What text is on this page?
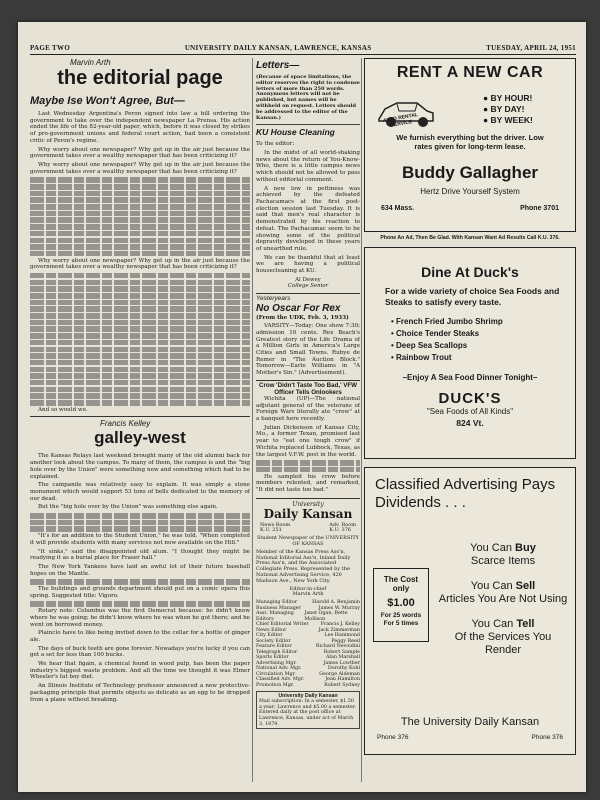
PAGE TWO	UNIVERSITY DAILY KANSAN, LAWRENCE, KANSAS	TUESDAY, APRIL 24, 1951
Marvin Arth
the editorial page
Maybe Ise Won't Agree, But—

Last Wednesday Argentina's Peron signed into law a bill ordering the government to take over the independent newspaper La Prensa. His action ended the life of the 82-year-old paper, which, before it was closed by strikes of pro-government unions and federal court action, had been a consistent critic of Peron's regime.

Why worry about one newspaper? Why get up in the air just because the government takes over a wealthy newspaper that has been criticizing it?

Why worry about one newspaper? Why get up in the air just because the government takes over a wealthy newspaper that has been criticizing it?

Why worry about one newspaper? Why get up in the air just because the government takes over a wealthy newspaper that has been criticizing it?

And so would we.

Francis Kelley
galley-west

The Kansas Relays last weekend brought many of the old alumni back for another look about the campus. To many of them, the campus is and the "big hole over by the Union" were something new and something which had to be explained.

The campanile was relatively easy to explain. It was simply a stone monument which would support 53 tons of bells dedicated to the memory of our dead.

But the "big hole over by the Union" was something else again.

"It's for an addition to the Student Union," he was told. "When completed it will provide students with many services not now available on the Hill."

"It sinks," said the disappointed old alum. "I thought they might be readying it as a burial place for Fraser hall."

The New York Yankees have laid an awful lot of their future baseball hopes on the Mantle.

The buildings and grounds department should put on a comic opera this spring. Suggested title: Vigoro.

Rotary note: Columbus was the first Democrat because: he didn't know where he was going; he didn't know where he was when he got there; and he went on borrowed money.

Plainclo have to like being invited down to the cellar for a bottle of ginger ale.

The days of buck teeth are gone forever. Nowadays you're lucky if you can get a set for less than 100 bucks.

We hear that figain, a chemical found in wood pulp, has been the paper industry's biggest waste problem. And all the time we thought it was Elmer Wheeler's fat boy diet.

An Illinois Institute of Technology professor announced a new protective-packaging principle that permits objects as delicate as an egg to be dropped from a plane without breaking.

Letters—
(Because of space limitations, the editor reserves the right to condense letters of more than 250 words. Anonymous letters will not be published, but names will be withheld on request. Letters should be addressed to the editor of the Kansan.)
KU House Cleaning

To the editor:

In the midst of all world-shaking news about the return of You-Know-Who, there is a little campus news which should not be allowed to pass without editorial comment.

A new low in pettiness was achieved by the defeated Pachacamacs at the first post-election session last Tuesday. It is said that men's real character is demonstrated by his reaction to defeat. The Pachacamac seem to be showing some of the political depravity developed in these years of unearthed rule.

We can be thankful that at least we are having a political housecleaning at KU.

Al Dewey
College Senior
Yesteryears
No Oscar For Rex

(From the UDK, Feb. 3, 1933)

VARSITY—Today: One show 7:30; admission 10 cents. Rex Beach's Greatest story of the Life Drama of a Million Girls in America's Large Cities and Small Towns. Rubye de Remer in "The Auction Block." Tomorrow—Earle Williams in "A Mother's Sin." (Advertisement).

Crow 'Didn't Taste Too Bad,' VFW Officer Tells Onlookers

Wichita (UP)—The national adjutant general of the veterans of Foreign Wars literally ate "crow" at a banquet here recently.

Julian Dickenson of Kansas City, Mo., a former Texan, promised last year to "eat one tough crow" if Wichita replaced Lubbock, Texas, as the largest V.F.W. post in the world.

He sampled his crow before members relented, and remarked, "It did not taste too bad."

University
Daily Kansan
News Room
K.U. 251
Adv. Room
K.U. 376
Student Newspaper of the UNIVERSITY OF KANSAS
Member of the Kansas Press Ass'n, National Editorial Ass'n, Inland Daily Press Ass'n, and the Associated Collegiate Press. Represented by the National Advertising Service, 420 Madison Ave., New York City.
Editor-in-chief
Marvin Arth
Managing Editor	Harold A. Benjamin
Business Manager	James W. Murray
Asst. Managing Editors
Janet Ogan, Bette Mollison
Chief Editorial Writer	Francis J. Kelley
News Editor	Jack Zimmerman
City Editor	Lee Hammond
Society Editor	Peggy Reed
Feature Editor	Richard Nevoidini
Telegraph Editor	Robert Sample
Sports Editor	Alan Marshall
Advertising Mgr.	James Lowther
National Adv. Mgr.	Dorothy Kohl
Circulation Mgr.	George Aldeman
Classified Adv. Mgr.	Jean Hamilton
Promotion Mgr.	Robert Sydney
University Daily Kansan
Mail subscription: In a semester, $1.50 a year; Lawrence and $5.00 a semester. Entered daily at the post office at Lawrence, Kansas, under act of March 3, 1879.
RENT A NEW CAR
AUTO RENTAL SERVICE
● BY HOUR!
● BY DAY!
● BY WEEK!
We furnish everything but the driver. Low rates given for long-term lease.
Buddy Gallagher
Hertz Drive Yourself System
634 Mass.	Phone 3701
Phone An Ad, Then Be Glad. With Kansan Want Ad Results Call K.U. 376.
Dine At Duck's
For a wide variety of choice Sea Foods and Steaks to satisfy every taste.
• French Fried Jumbo Shrimp
• Choice Tender Steaks
• Deep Sea Scallops
• Rainbow Trout
–Enjoy A Sea Food Dinner Tonight–
DUCK'S
"Sea Foods of All Kinds"
824 Vt.
Classified Advertising Pays Dividends . . .
The Cost only
$1.00
For 25 words For 5 times
You Can Buy
Scarce Items
You Can Sell
Articles You Are Not Using
You Can Tell
Of the Services You Render
The University Daily Kansan
Phone 376	Phone 376
